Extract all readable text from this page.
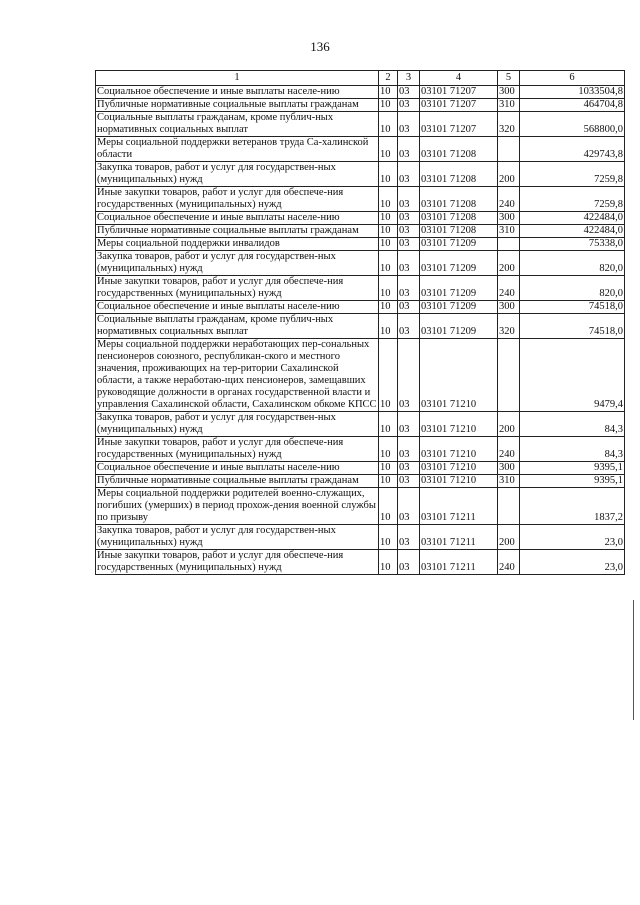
136
1	2	3	4	5	6
Социальное обеспечение и иные выплаты населе-нию	10	03	03101 71207	300	1033504,8
Публичные нормативные социальные выплаты гражданам	10	03	03101 71207	310	464704,8
Социальные выплаты гражданам, кроме публич-ных нормативных социальных выплат	10	03	03101 71207	320	568800,0
Меры социальной поддержки ветеранов труда Са-халинской области	10	03	03101 71208		429743,8
Закупка товаров, работ и услуг для государствен-ных (муниципальных) нужд	10	03	03101 71208	200	7259,8
Иные закупки товаров, работ и услуг для обеспече-ния государственных (муниципальных) нужд	10	03	03101 71208	240	7259,8
Социальное обеспечение и иные выплаты населе-нию	10	03	03101 71208	300	422484,0
Публичные нормативные социальные выплаты гражданам	10	03	03101 71208	310	422484,0
Меры социальной поддержки инвалидов	10	03	03101 71209		75338,0
Закупка товаров, работ и услуг для государствен-ных (муниципальных) нужд	10	03	03101 71209	200	820,0
Иные закупки товаров, работ и услуг для обеспече-ния государственных (муниципальных) нужд	10	03	03101 71209	240	820,0
Социальное обеспечение и иные выплаты населе-нию	10	03	03101 71209	300	74518,0
Социальные выплаты гражданам, кроме публич-ных нормативных социальных выплат	10	03	03101 71209	320	74518,0
Меры социальной поддержки неработающих пер-сональных пенсионеров союзного, республикан-ского и местного значения, проживающих на тер-ритории Сахалинской области, а также неработаю-щих пенсионеров, замещавших руководящие должности в органах государственной власти и управления Сахалинской области, Сахалинском обкоме КПСС	10	03	03101 71210		9479,4
Закупка товаров, работ и услуг для государствен-ных (муниципальных) нужд	10	03	03101 71210	200	84,3
Иные закупки товаров, работ и услуг для обеспече-ния государственных (муниципальных) нужд	10	03	03101 71210	240	84,3
Социальное обеспечение и иные выплаты населе-нию	10	03	03101 71210	300	9395,1
Публичные нормативные социальные выплаты гражданам	10	03	03101 71210	310	9395,1
Меры социальной поддержки родителей военно-служащих, погибших (умерших) в период прохож-дения военной службы по призыву	10	03	03101 71211		1837,2
Закупка товаров, работ и услуг для государствен-ных (муниципальных) нужд	10	03	03101 71211	200	23,0
Иные закупки товаров, работ и услуг для обеспече-ния государственных (муниципальных) нужд	10	03	03101 71211	240	23,0
